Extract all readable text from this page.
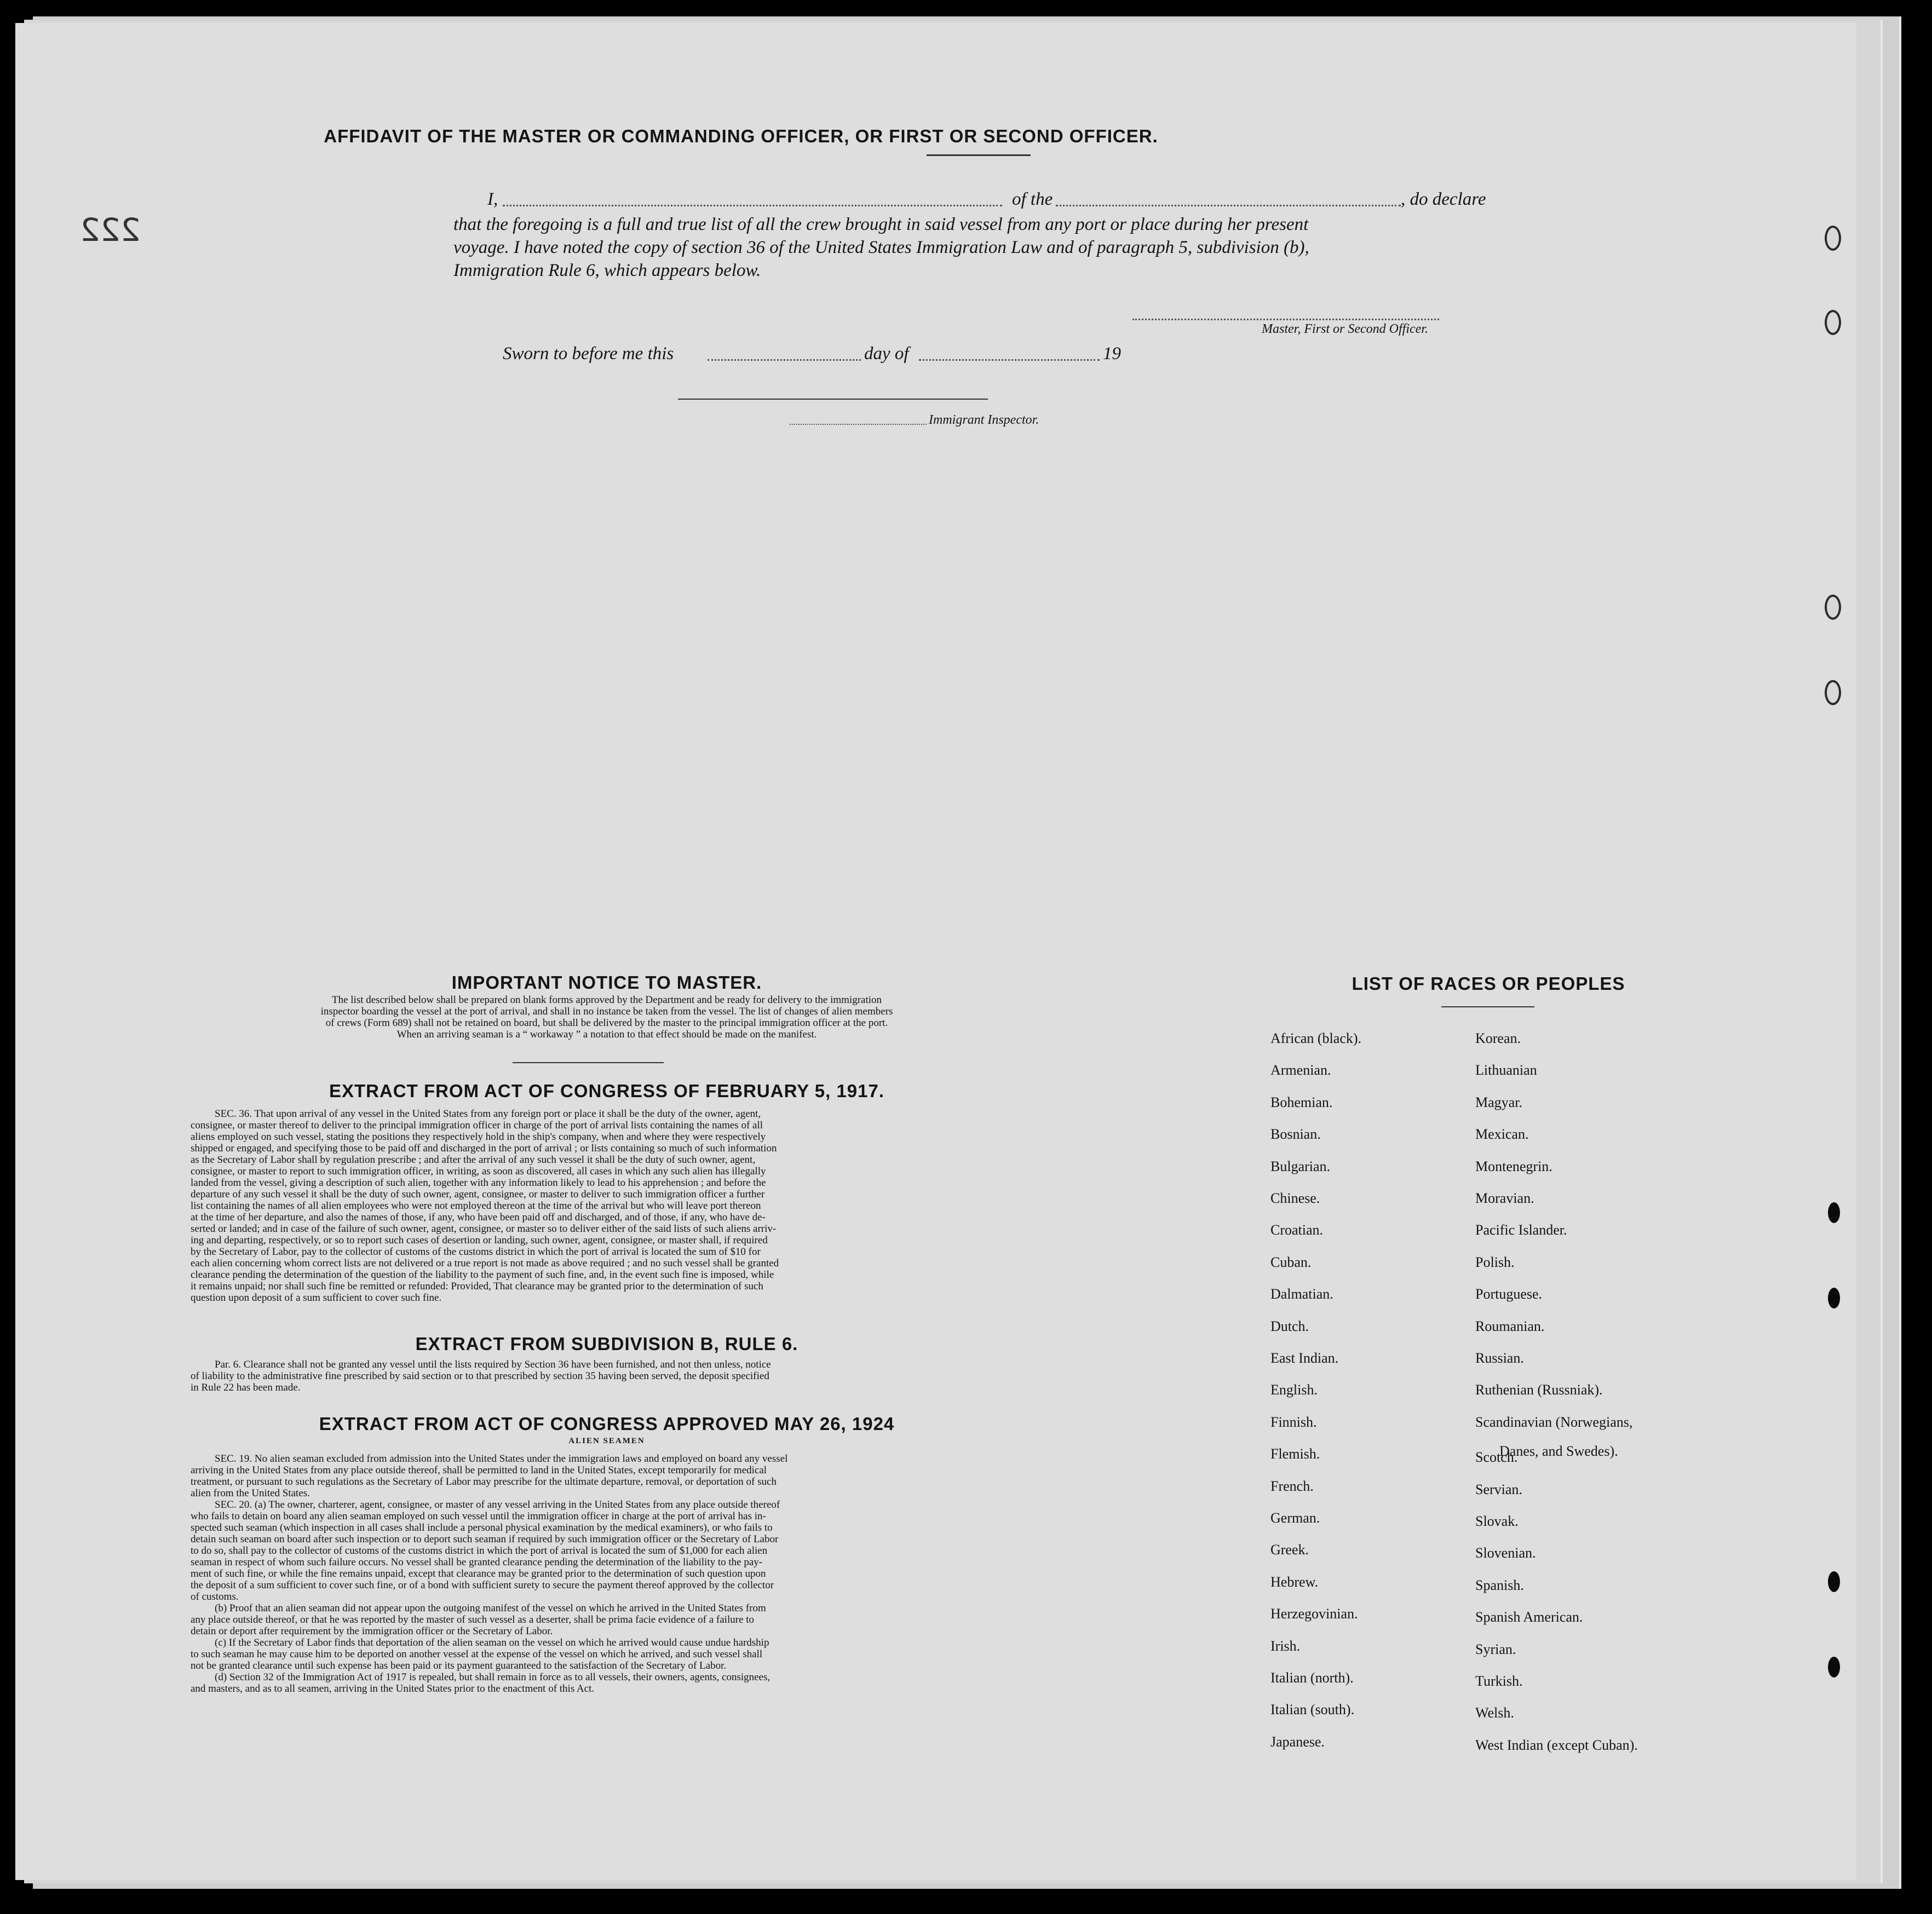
222
AFFIDAVIT OF THE MASTER OR COMMANDING OFFICER, OR FIRST OR SECOND OFFICER.
I,	of the	, do declare
that the foregoing is a full and true list of all the crew brought in said vessel from any port or place during her present
voyage. I have noted the copy of section 36 of the United States Immigration Law and of paragraph 5, subdivision (b),
Immigration Rule 6, which appears below.
Master, First or Second Officer.
Sworn to before me this	day of	19
Immigrant Inspector.
IMPORTANT NOTICE TO MASTER.
The list described below shall be prepared on blank forms approved by the Department and be ready for delivery to the immigration
inspector boarding the vessel at the port of arrival, and shall in no instance be taken from the vessel. The list of changes of alien members
of crews (Form 689) shall not be retained on board, but shall be delivered by the master to the principal immigration officer at the port.
When an arriving seaman is a “ workaway ” a notation to that effect should be made on the manifest.
EXTRACT FROM ACT OF CONGRESS OF FEBRUARY 5, 1917.
SEC. 36. That upon arrival of any vessel in the United States from any foreign port or place it shall be the duty of the owner, agent,
consignee, or master thereof to deliver to the principal immigration officer in charge of the port of arrival lists containing the names of all
aliens employed on such vessel, stating the positions they respectively hold in the ship's company, when and where they were respectively
shipped or engaged, and specifying those to be paid off and discharged in the port of arrival ; or lists containing so much of such information
as the Secretary of Labor shall by regulation prescribe ; and after the arrival of any such vessel it shall be the duty of such owner, agent,
consignee, or master to report to such immigration officer, in writing, as soon as discovered, all cases in which any such alien has illegally
landed from the vessel, giving a description of such alien, together with any information likely to lead to his apprehension ; and before the
departure of any such vessel it shall be the duty of such owner, agent, consignee, or master to deliver to such immigration officer a further
list containing the names of all alien employees who were not employed thereon at the time of the arrival but who will leave port thereon
at the time of her departure, and also the names of those, if any, who have been paid off and discharged, and of those, if any, who have de-
serted or landed; and in case of the failure of such owner, agent, consignee, or master so to deliver either of the said lists of such aliens arriv-
ing and departing, respectively, or so to report such cases of desertion or landing, such owner, agent, consignee, or master shall, if required
by the Secretary of Labor, pay to the collector of customs of the customs district in which the port of arrival is located the sum of $10 for
each alien concerning whom correct lists are not delivered or a true report is not made as above required ; and no such vessel shall be granted
clearance pending the determination of the question of the liability to the payment of such fine, and, in the event such fine is imposed, while
it remains unpaid; nor shall such fine be remitted or refunded: Provided, That clearance may be granted prior to the determination of such
question upon deposit of a sum sufficient to cover such fine.
EXTRACT FROM SUBDIVISION B, RULE 6.
Par. 6. Clearance shall not be granted any vessel until the lists required by Section 36 have been furnished, and not then unless, notice
of liability to the administrative fine prescribed by said section or to that prescribed by section 35 having been served, the deposit specified
in Rule 22 has been made.
EXTRACT FROM ACT OF CONGRESS APPROVED MAY 26, 1924
ALIEN SEAMEN
SEC. 19. No alien seaman excluded from admission into the United States under the immigration laws and employed on board any vessel
arriving in the United States from any place outside thereof, shall be permitted to land in the United States, except temporarily for medical
treatment, or pursuant to such regulations as the Secretary of Labor may prescribe for the ultimate departure, removal, or deportation of such
alien from the United States.
SEC. 20. (a) The owner, charterer, agent, consignee, or master of any vessel arriving in the United States from any place outside thereof
who fails to detain on board any alien seaman employed on such vessel until the immigration officer in charge at the port of arrival has in-
spected such seaman (which inspection in all cases shall include a personal physical examination by the medical examiners), or who fails to
detain such seaman on board after such inspection or to deport such seaman if required by such immigration officer or the Secretary of Labor
to do so, shall pay to the collector of customs of the customs district in which the port of arrival is located the sum of $1,000 for each alien
seaman in respect of whom such failure occurs. No vessel shall be granted clearance pending the determination of the liability to the pay-
ment of such fine, or while the fine remains unpaid, except that clearance may be granted prior to the determination of such question upon
the deposit of a sum sufficient to cover such fine, or of a bond with sufficient surety to secure the payment thereof approved by the collector
of customs.
(b) Proof that an alien seaman did not appear upon the outgoing manifest of the vessel on which he arrived in the United States from
any place outside thereof, or that he was reported by the master of such vessel as a deserter, shall be prima facie evidence of a failure to
detain or deport after requirement by the immigration officer or the Secretary of Labor.
(c) If the Secretary of Labor finds that deportation of the alien seaman on the vessel on which he arrived would cause undue hardship
to such seaman he may cause him to be deported on another vessel at the expense of the vessel on which he arrived, and such vessel shall
not be granted clearance until such expense has been paid or its payment guaranteed to the satisfaction of the Secretary of Labor.
(d) Section 32 of the Immigration Act of 1917 is repealed, but shall remain in force as to all vessels, their owners, agents, consignees,
and masters, and as to all seamen, arriving in the United States prior to the enactment of this Act.
LIST OF RACES OR PEOPLES
Danes, and Swedes).
African (black).
Armenian.
Bohemian.
Bosnian.
Bulgarian.
Chinese.
Croatian.
Cuban.
Dalmatian.
Dutch.
East Indian.
English.
Finnish.
Flemish.
French.
German.
Greek.
Hebrew.
Herzegovinian.
Irish.
Italian (north).
Italian (south).
Japanese.
Korean.
Lithuanian
Magyar.
Mexican.
Montenegrin.
Moravian.
Pacific Islander.
Polish.
Portuguese.
Roumanian.
Russian.
Ruthenian (Russniak).
Scandinavian (Norwegians,
Scotch.
Servian.
Slovak.
Slovenian.
Spanish.
Spanish American.
Syrian.
Turkish.
Welsh.
West Indian (except Cuban).
